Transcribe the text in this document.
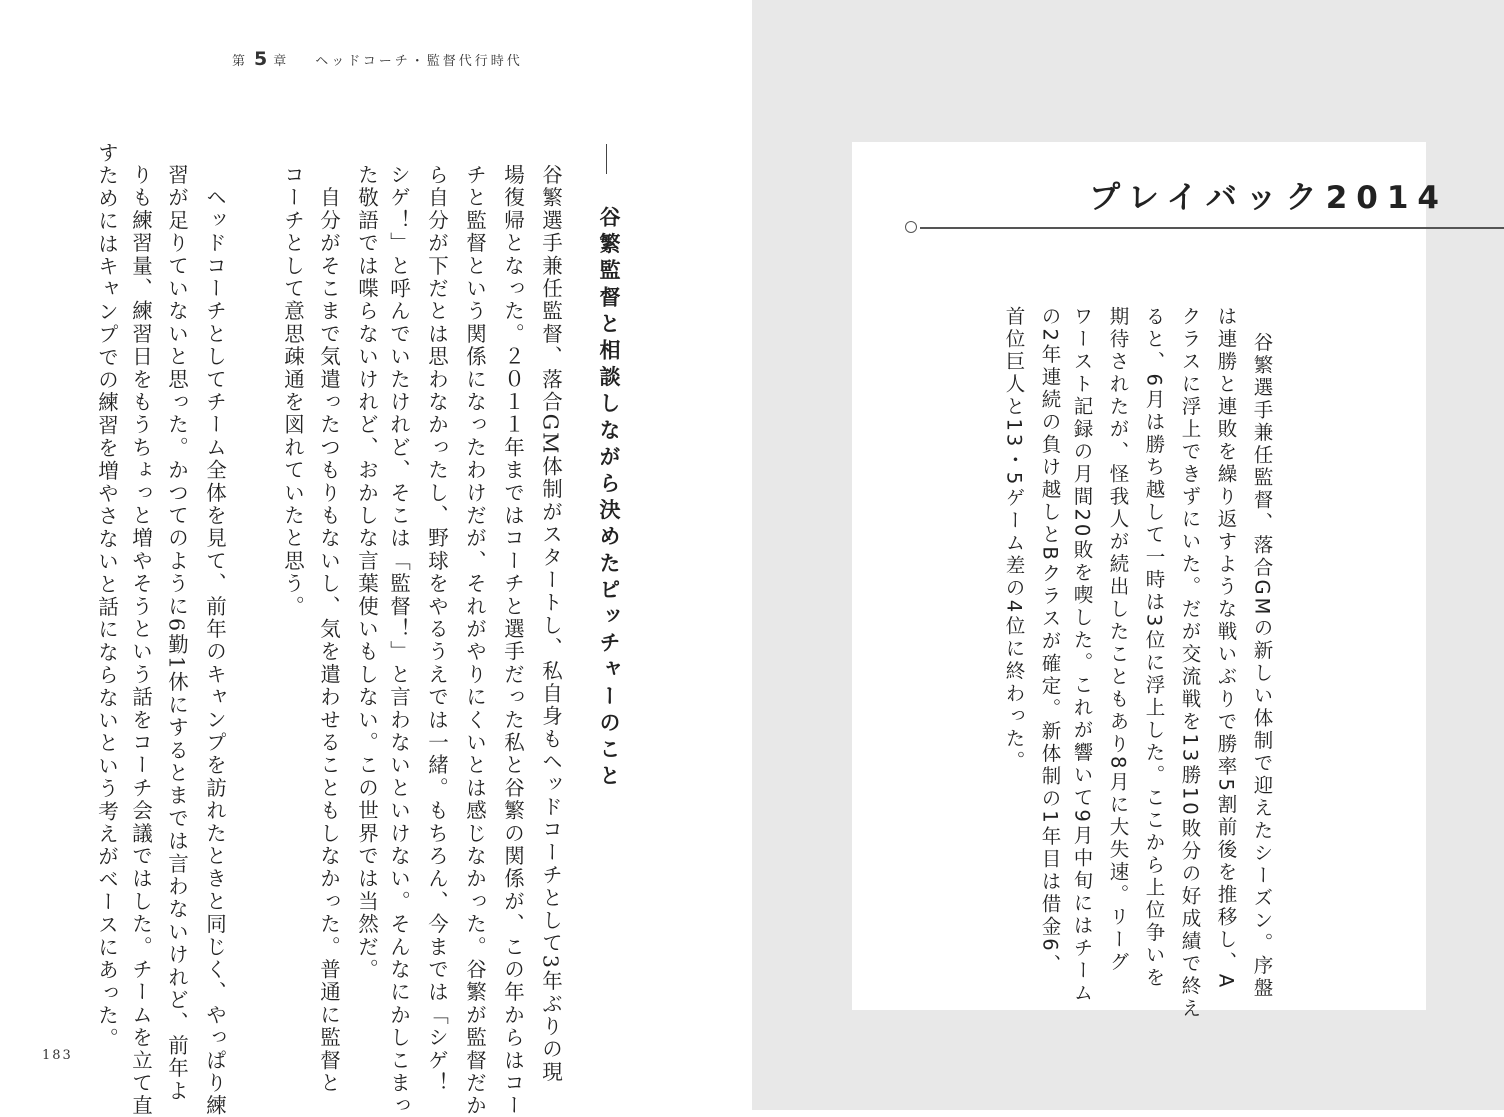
第 5 章 ヘッドコーチ・監督代行時代
谷繁監督と相談しながら決めたピッチャーのこと
谷繁選手兼任監督、落合GM体制がスタートし、私自身もヘッドコーチとして3年ぶりの現
場復帰となった。２０１１年まではコーチと選手だった私と谷繁の関係が、この年からはコー
チと監督という関係になったわけだが、それがやりにくいとは感じなかった。谷繁が監督だか
ら自分が下だとは思わなかったし、野球をやるうえでは一緒。もちろん、今までは「シゲ！
シゲ！」と呼んでいたけれど、そこは「監督！」と言わないといけない。そんなにかしこまっ
た敬語では喋らないけれど、おかしな言葉使いもしない。この世界では当然だ。
　自分がそこまで気遣ったつもりもないし、気を遣わせることもしなかった。普通に監督と
コーチとして意思疎通を図れていたと思う。
　ヘッドコーチとしてチーム全体を見て、前年のキャンプを訪れたときと同じく、やっぱり練
習が足りていないと思った。かつてのように6勤1休にするとまでは言わないけれど、前年よ
りも練習量、練習日をもうちょっと増やそうという話をコーチ会議ではした。チームを立て直
すためにはキャンプでの練習を増やさないと話にならないという考えがベースにあった。
183
プレイバック2014
谷繁選手兼任監督、落合GMの新しい体制で迎えたシーズン。序盤
は連勝と連敗を繰り返すような戦いぶりで勝率5割前後を推移し、A
クラスに浮上できずにいた。だが交流戦を13勝10敗分の好成績で終え
ると、6月は勝ち越して一時は3位に浮上した。ここから上位争いを
期待されたが、怪我人が続出したこともあり8月に大失速。リーグ
ワースト記録の月間20敗を喫した。これが響いて9月中旬にはチーム
の2年連続の負け越しとBクラスが確定。新体制の1年目は借金6、
首位巨人と13・5ゲーム差の4位に終わった。
